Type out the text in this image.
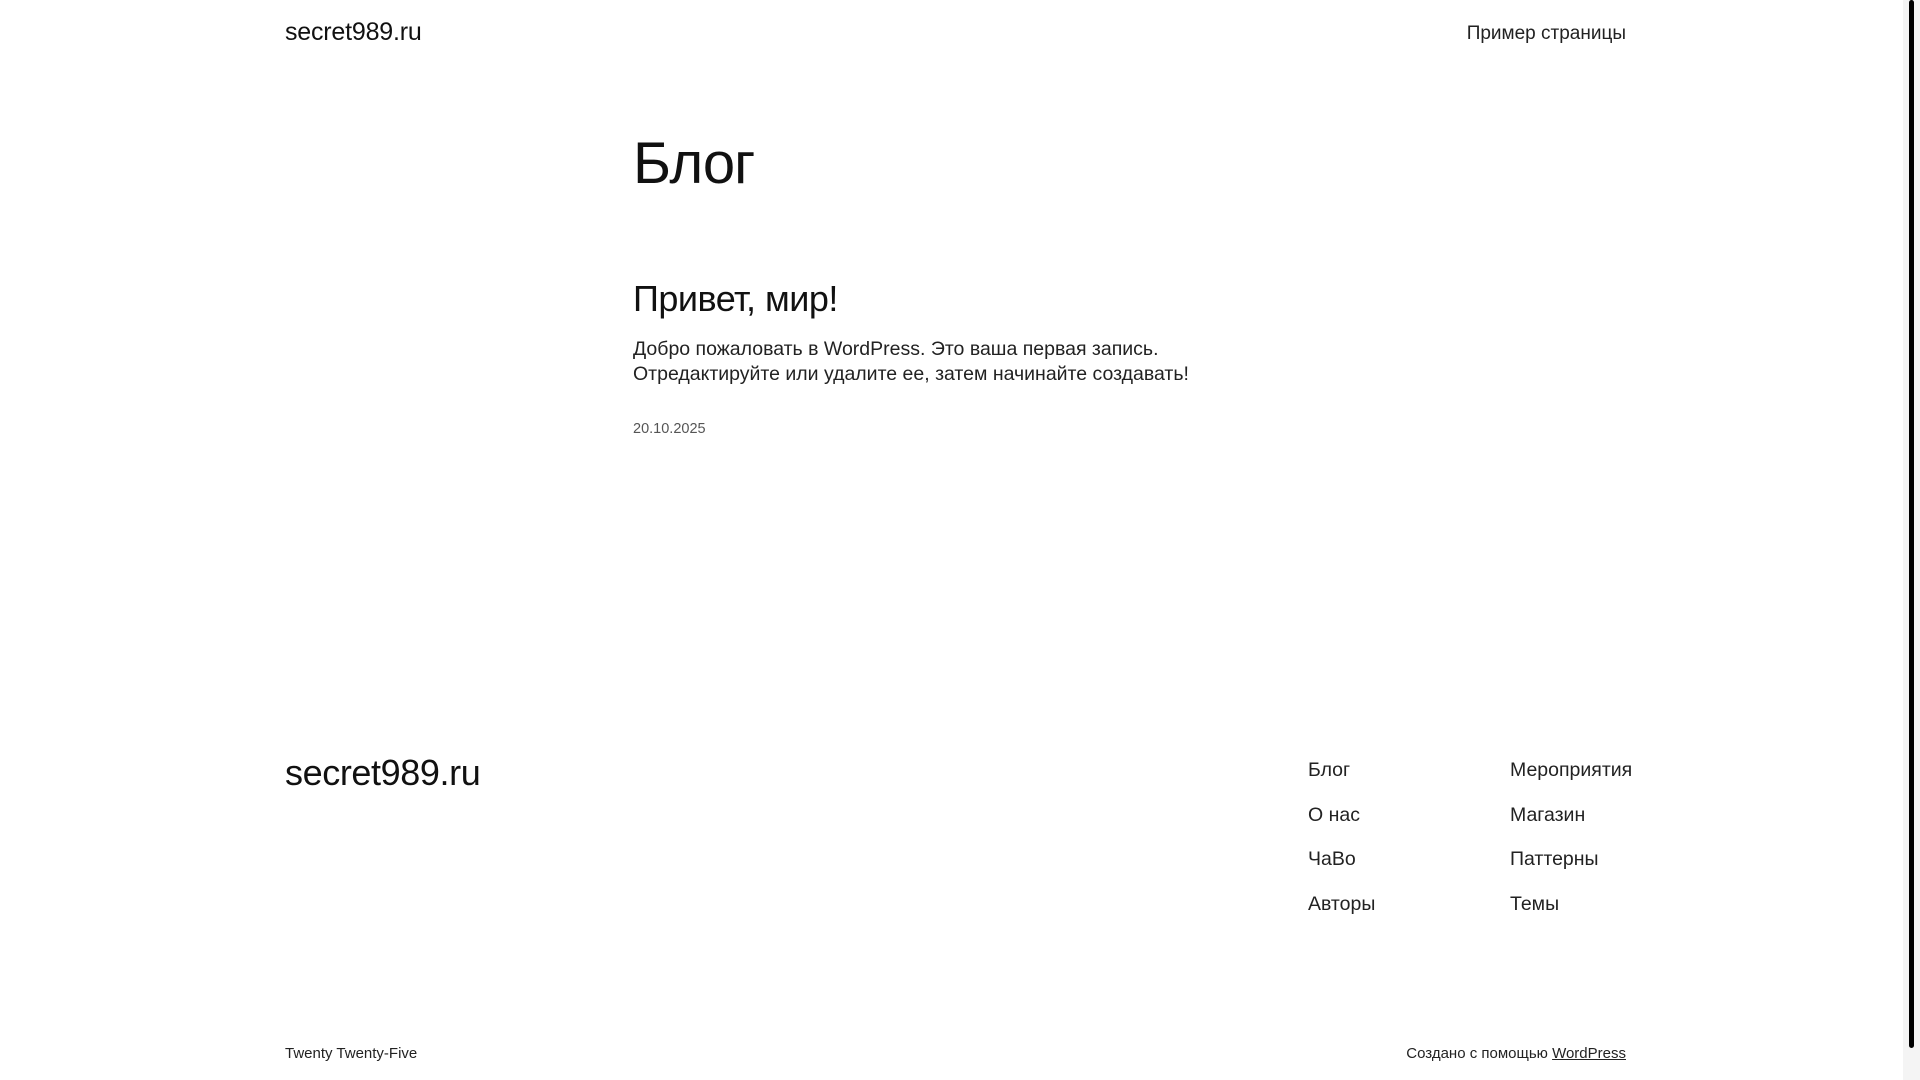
secret989.ru	Пример страницы
Блог
Привет, мир!

Добро пожаловать в WordPress. Это ваша первая запись. Отредактируйте или удалите ее, затем начинайте создавать!

20.10.2025
secret989.ru	Блог
О нас
ЧаВо
Авторы
Мероприятия
Магазин
Паттерны
Темы
Twenty Twenty-Five	Создано с помощью WordPress
